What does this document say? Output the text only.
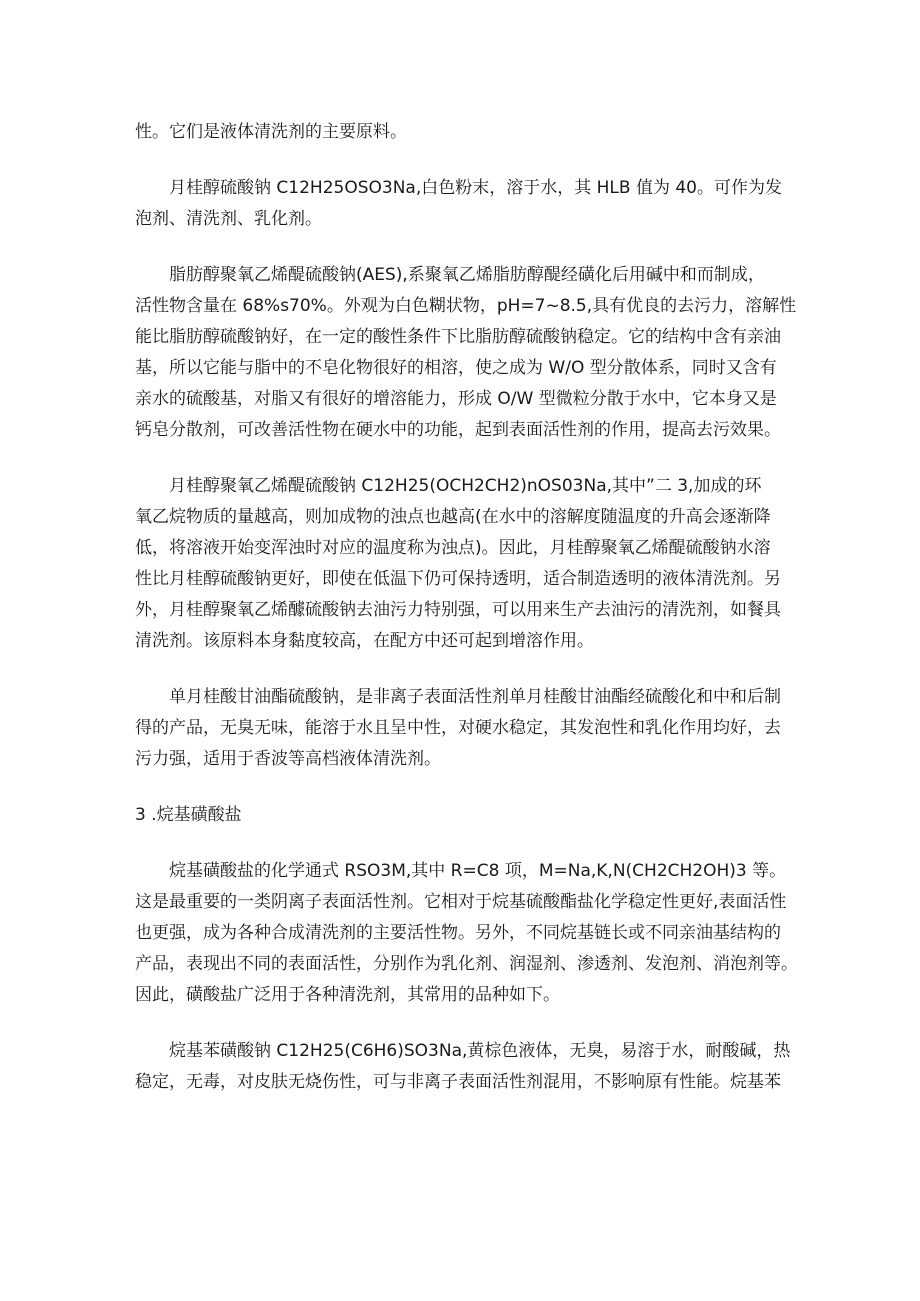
性。它们是液体清洗剂的主要原料。
月桂醇硫酸钠 C12H25OSO3Na,白色粉末，溶于水，其 HLB 值为 40。可作为发
泡剂、清洗剂、乳化剂。
脂肪醇聚氧乙烯醍硫酸钠(AES),系聚氧乙烯脂肪醇醍经磺化后用碱中和而制成，
活性物含量在 68%s70%。外观为白色糊状物，pH=7~8.5,具有优良的去污力，溶解性
能比脂肪醇硫酸钠好，在一定的酸性条件下比脂肪醇硫酸钠稳定。它的结构中含有亲油
基，所以它能与脂中的不皂化物很好的相溶，使之成为 W/O 型分散体系，同时又含有
亲水的硫酸基，对脂又有很好的增溶能力，形成 O/W 型微粒分散于水中，它本身又是
钙皂分散剂，可改善活性物在硬水中的功能，起到表面活性剂的作用，提高去污效果。
月桂醇聚氧乙烯醍硫酸钠 C12H25(OCH2CH2)nOS03Na,其中”二 3,加成的环
氧乙烷物质的量越高，则加成物的浊点也越高(在水中的溶解度随温度的升高会逐渐降
低，将溶液开始变浑浊时对应的温度称为浊点)。因此，月桂醇聚氧乙烯醍硫酸钠水溶
性比月桂醇硫酸钠更好，即使在低温下仍可保持透明，适合制造透明的液体清洗剂。另
外，月桂醇聚氧乙烯醵硫酸钠去油污力特别强，可以用来生产去油污的清洗剂，如餐具
清洗剂。该原料本身黏度较高，在配方中还可起到增溶作用。
单月桂酸甘油酯硫酸钠，是非离子表面活性剂单月桂酸甘油酯经硫酸化和中和后制
得的产品，无臭无味，能溶于水且呈中性，对硬水稳定，其发泡性和乳化作用均好，去
污力强，适用于香波等高档液体清洗剂。
3 .烷基磺酸盐
烷基磺酸盐的化学通式 RSO3M,其中 R=C8 项，M=Na,K,N(CH2CH2OH)3 等。
这是最重要的一类阴离子表面活性剂。它相对于烷基硫酸酯盐化学稳定性更好,表面活性
也更强，成为各种合成清洗剂的主要活性物。另外，不同烷基链长或不同亲油基结构的
产品，表现出不同的表面活性，分别作为乳化剂、润湿剂、渗透剂、发泡剂、消泡剂等。
因此，磺酸盐广泛用于各种清洗剂，其常用的品种如下。
烷基苯磺酸钠 C12H25(C6H6)SO3Na,黄棕色液体，无臭，易溶于水，耐酸碱，热
稳定，无毒，对皮肤无烧伤性，可与非离子表面活性剂混用，不影响原有性能。烷基苯
